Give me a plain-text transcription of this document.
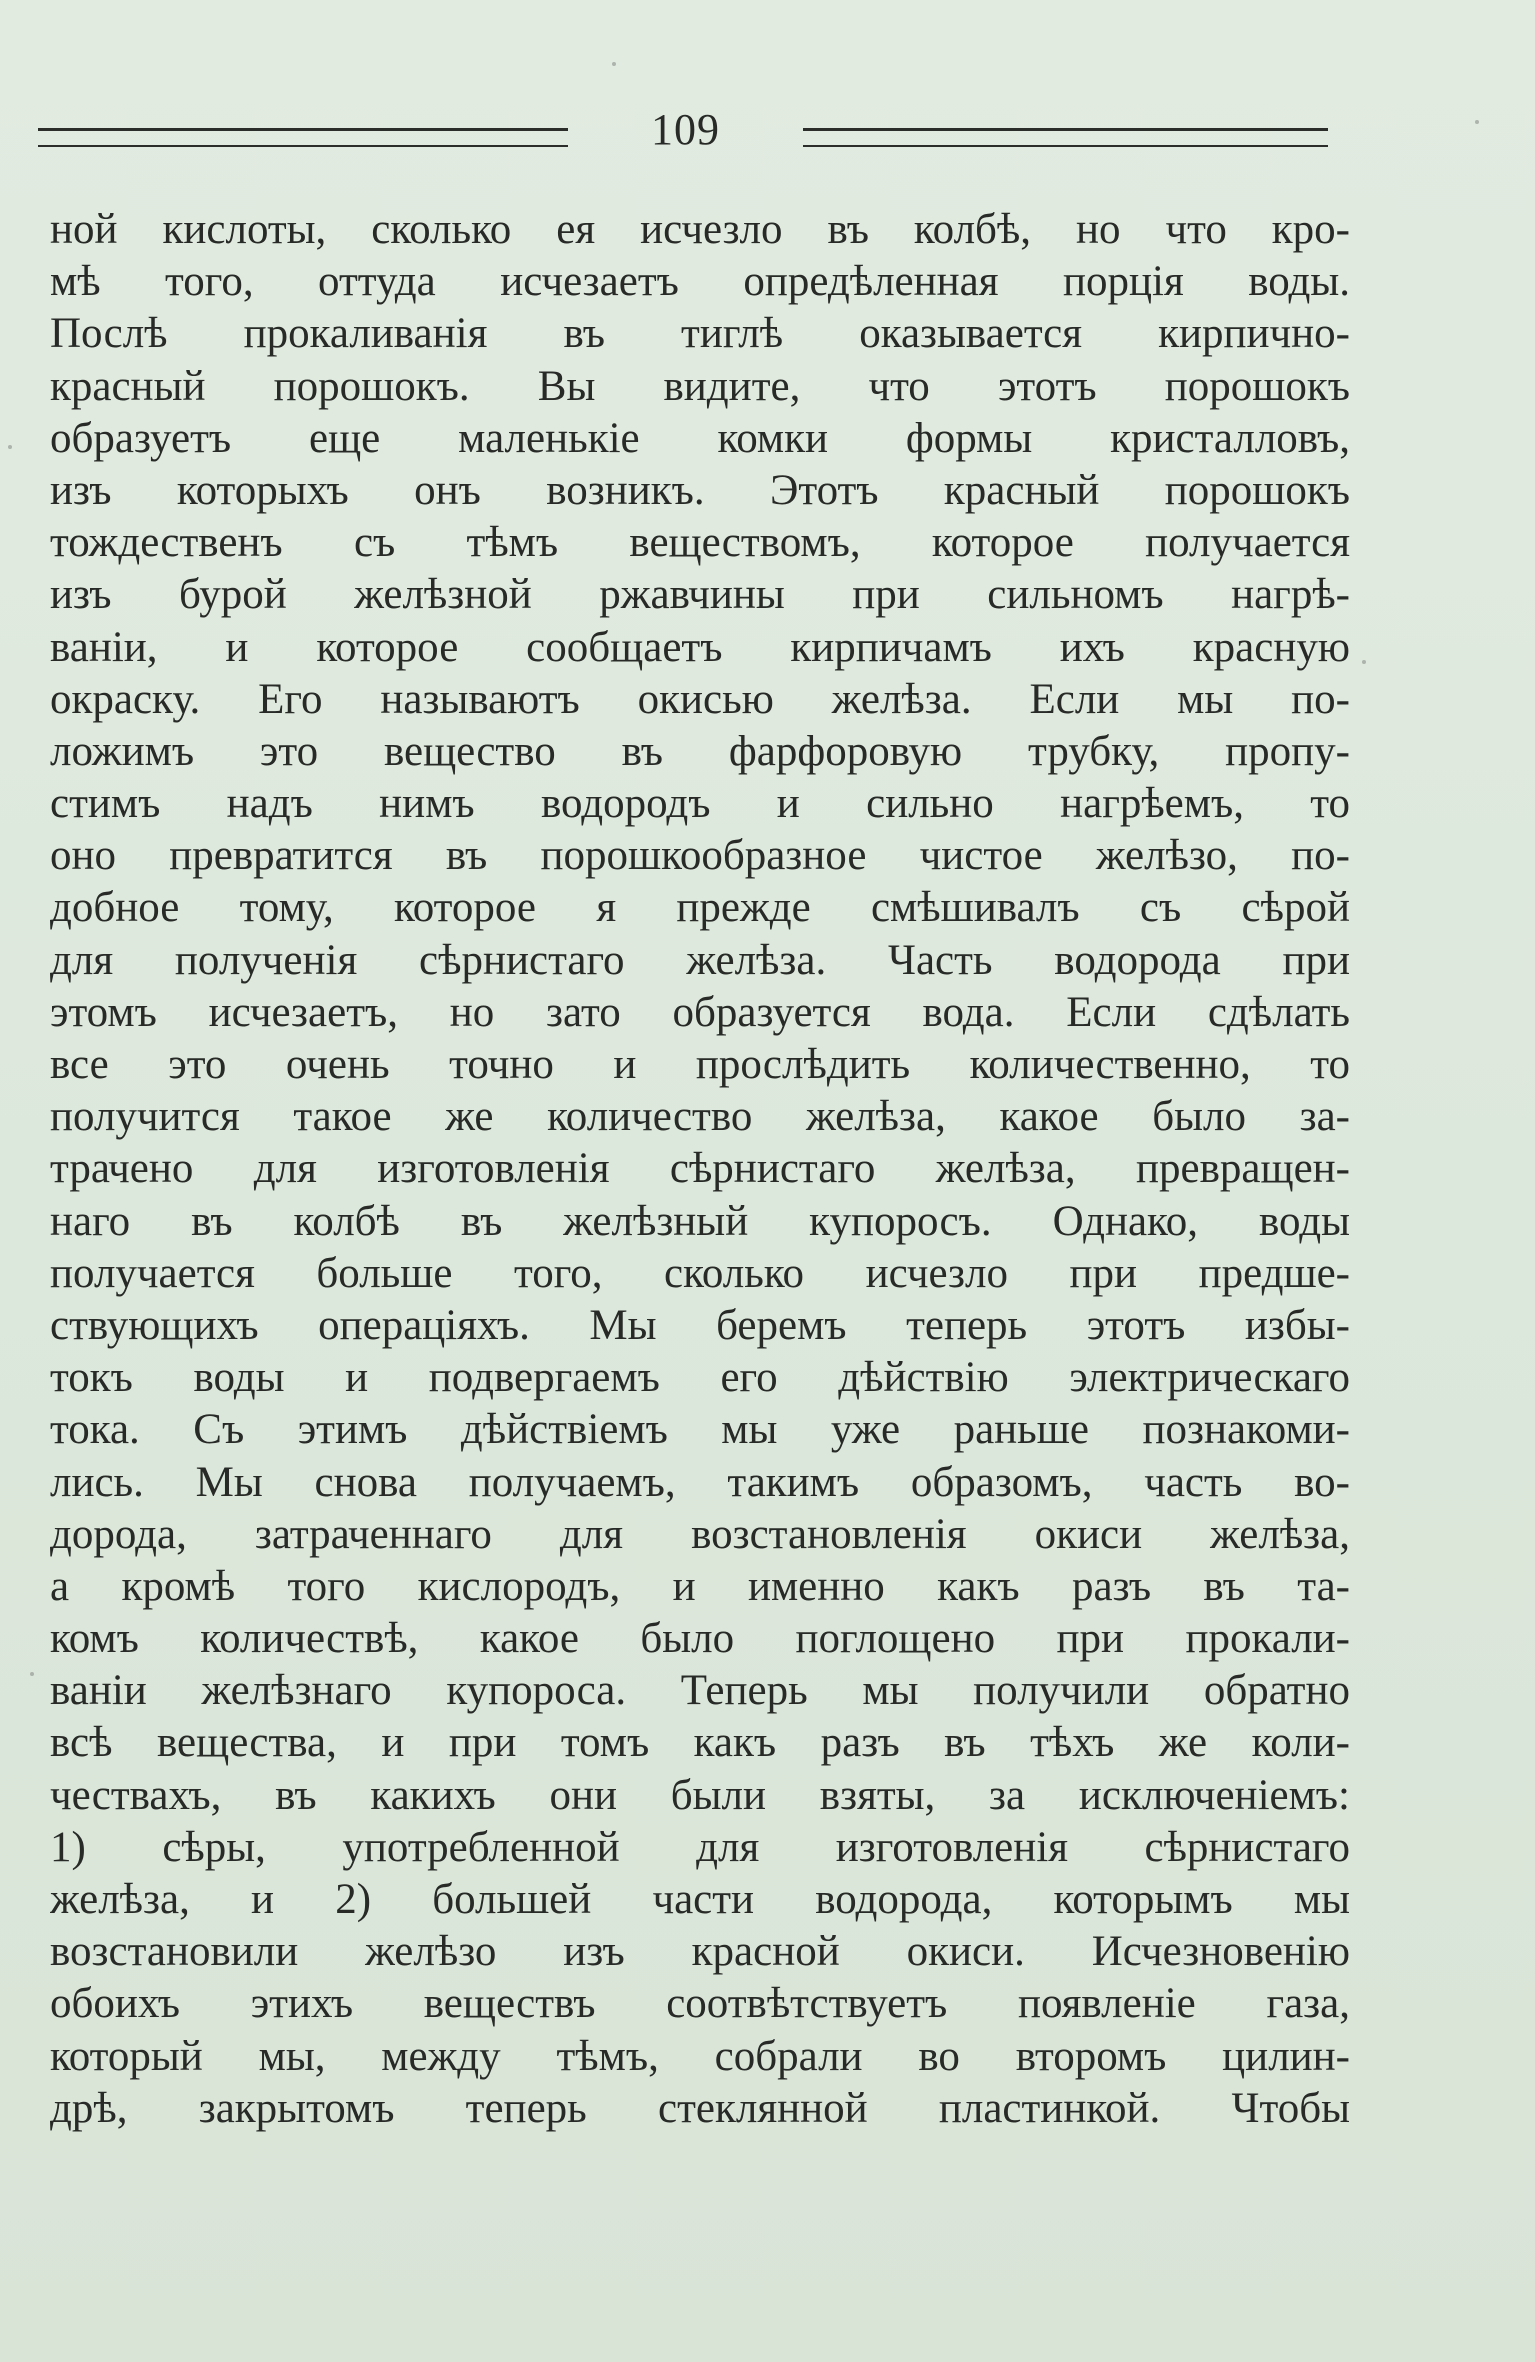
109
ной кислоты, сколько ея исчезло въ колбѣ, но что кро-
мѣ того, оттуда исчезаетъ опредѣленная порція воды.
Послѣ прокаливанія въ тиглѣ оказывается кирпично-
красный порошокъ. Вы видите, что этотъ порошокъ
образуетъ еще маленькіе комки формы кристалловъ,
изъ которыхъ онъ возникъ. Этотъ красный порошокъ
тождественъ съ тѣмъ веществомъ, которое получается
изъ бурой желѣзной ржавчины при сильномъ нагрѣ-
ваніи, и которое сообщаетъ кирпичамъ ихъ красную
окраску. Его называютъ окисью желѣза. Если мы по-
ложимъ это вещество въ фарфоровую трубку, пропу-
стимъ надъ нимъ водородъ и сильно нагрѣемъ, то
оно превратится въ порошкообразное чистое желѣзо, по-
добное тому, которое я прежде смѣшивалъ съ сѣрой
для полученія сѣрнистаго желѣза. Часть водорода при
этомъ исчезаетъ, но зато образуется вода. Если сдѣлать
все это очень точно и прослѣдить количественно, то
получится такое же количество желѣза, какое было за-
трачено для изготовленія сѣрнистаго желѣза, превращен-
наго въ колбѣ въ желѣзный купоросъ. Однако, воды
получается больше того, сколько исчезло при предше-
ствующихъ операціяхъ. Мы беремъ теперь этотъ избы-
токъ воды и подвергаемъ его дѣйствію электрическаго
тока. Съ этимъ дѣйствіемъ мы уже раньше познакоми-
лись. Мы снова получаемъ, такимъ образомъ, часть во-
дорода, затраченнаго для возстановленія окиси желѣза,
а кромѣ того кислородъ, и именно какъ разъ въ та-
комъ количествѣ, какое было поглощено при прокали-
ваніи желѣзнаго купороса. Теперь мы получили обратно
всѣ вещества, и при томъ какъ разъ въ тѣхъ же коли-
чествахъ, въ какихъ они были взяты, за исключеніемъ:
1) сѣры, употребленной для изготовленія сѣрнистаго
желѣза, и 2) большей части водорода, которымъ мы
возстановили желѣзо изъ красной окиси. Исчезновенію
обоихъ этихъ веществъ соотвѣтствуетъ появленіе газа,
который мы, между тѣмъ, собрали во второмъ цилин-
дрѣ, закрытомъ теперь стеклянной пластинкой. Чтобы
